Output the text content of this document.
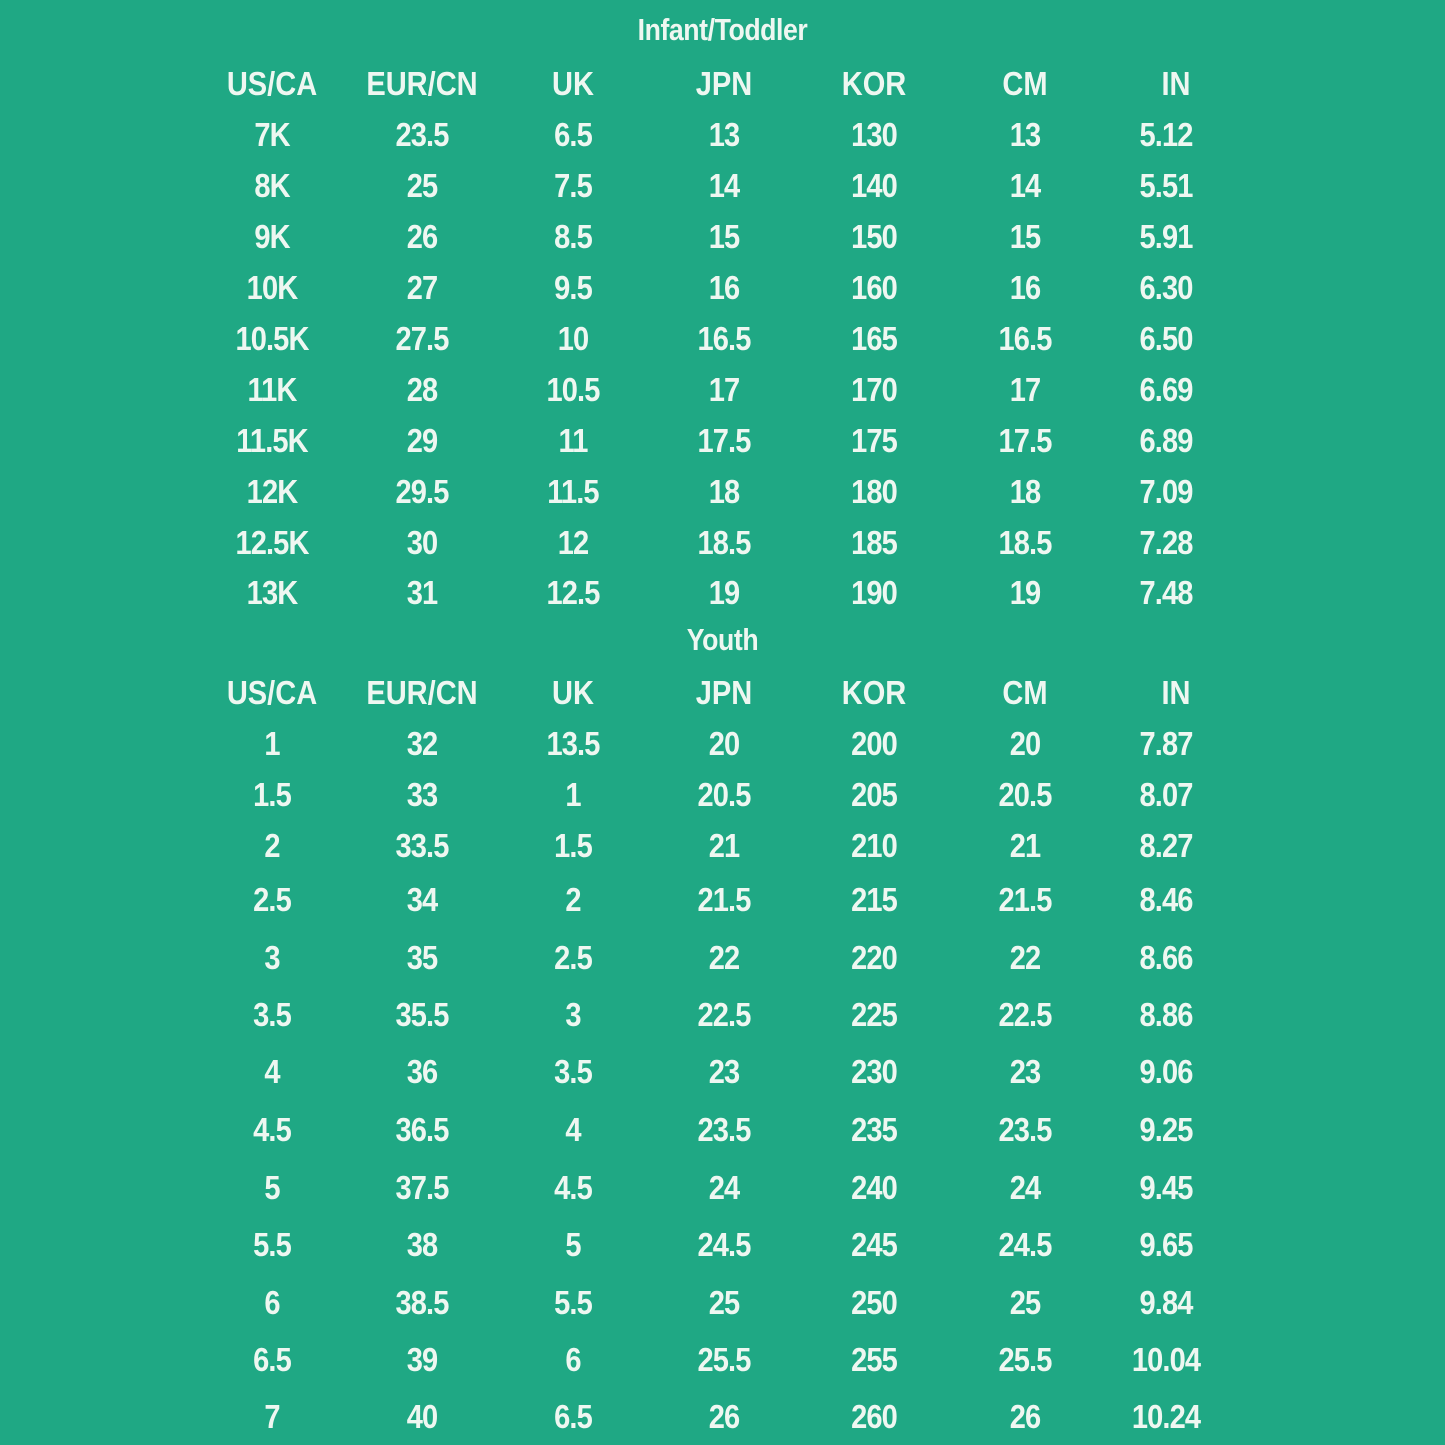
Infant/Toddler
US/CA	EUR/CN	UK	JPN	KOR	CM	IN
7K	23.5	6.5	13	130	13	5.12
8K	25	7.5	14	140	14	5.51
9K	26	8.5	15	150	15	5.91
10K	27	9.5	16	160	16	6.30
10.5K	27.5	10	16.5	165	16.5	6.50
11K	28	10.5	17	170	17	6.69
11.5K	29	11	17.5	175	17.5	6.89
12K	29.5	11.5	18	180	18	7.09
12.5K	30	12	18.5	185	18.5	7.28
13K	31	12.5	19	190	19	7.48
Youth
US/CA	EUR/CN	UK	JPN	KOR	CM	IN
1	32	13.5	20	200	20	7.87
1.5	33	1	20.5	205	20.5	8.07
2	33.5	1.5	21	210	21	8.27
2.5	34	2	21.5	215	21.5	8.46
3	35	2.5	22	220	22	8.66
3.5	35.5	3	22.5	225	22.5	8.86
4	36	3.5	23	230	23	9.06
4.5	36.5	4	23.5	235	23.5	9.25
5	37.5	4.5	24	240	24	9.45
5.5	38	5	24.5	245	24.5	9.65
6	38.5	5.5	25	250	25	9.84
6.5	39	6	25.5	255	25.5	10.04
7	40	6.5	26	260	26	10.24
